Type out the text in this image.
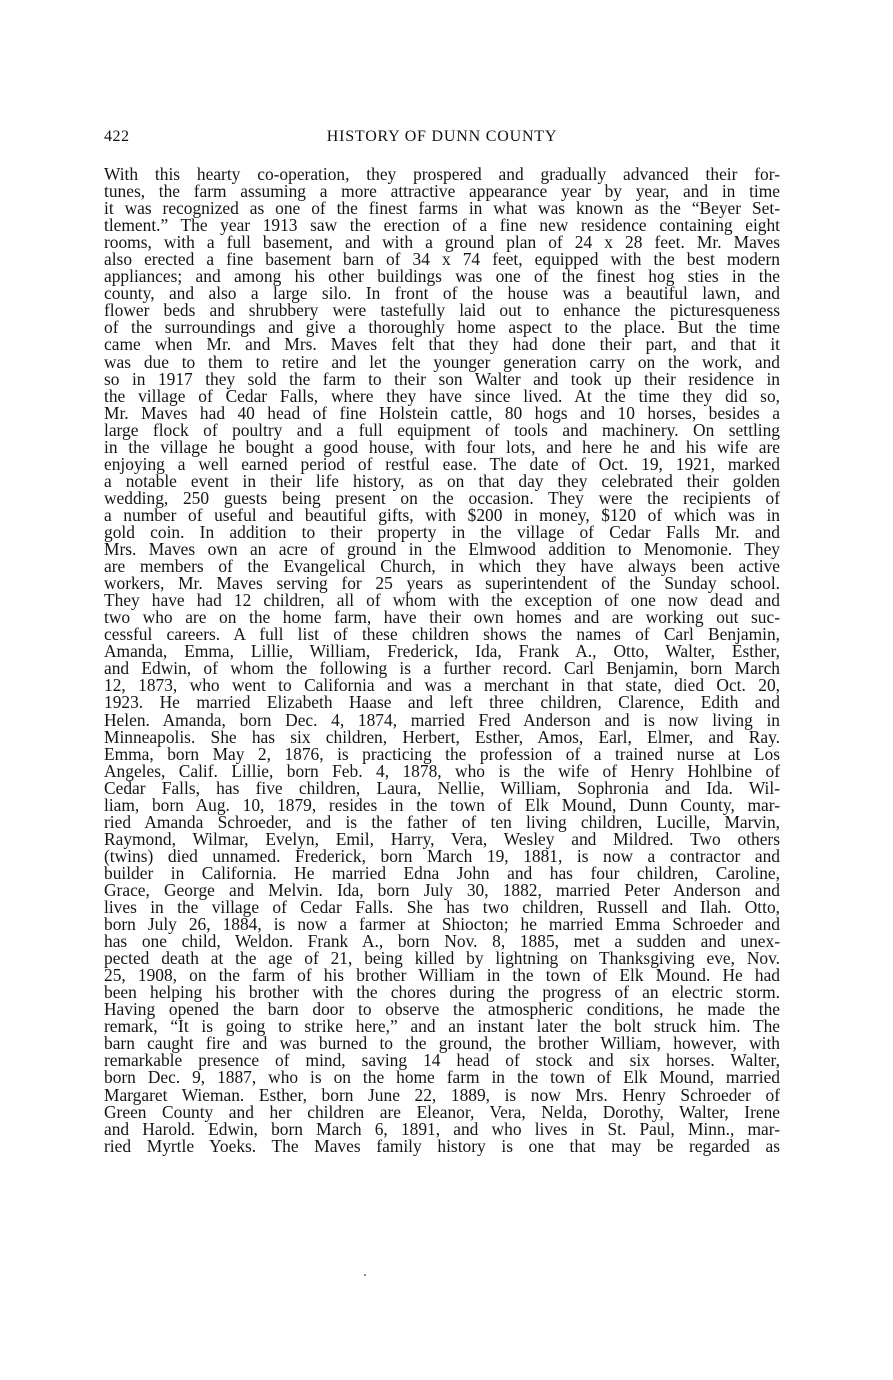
422	HISTORY OF DUNN COUNTY
With this hearty co-operation, they prospered and gradually advanced their for-
tunes, the farm assuming a more attractive appearance year by year, and in time
it was recognized as one of the finest farms in what was known as the “Beyer Set-
tlement.” The year 1913 saw the erection of a fine new residence containing eight
rooms, with a full basement, and with a ground plan of 24 x 28 feet. Mr. Maves
also erected a fine basement barn of 34 x 74 feet, equipped with the best modern
appliances; and among his other buildings was one of the finest hog sties in the
county, and also a large silo. In front of the house was a beautiful lawn, and
flower beds and shrubbery were tastefully laid out to enhance the picturesqueness
of the surroundings and give a thoroughly home aspect to the place. But the time
came when Mr. and Mrs. Maves felt that they had done their part, and that it
was due to them to retire and let the younger generation carry on the work, and
so in 1917 they sold the farm to their son Walter and took up their residence in
the village of Cedar Falls, where they have since lived. At the time they did so,
Mr. Maves had 40 head of fine Holstein cattle, 80 hogs and 10 horses, besides a
large flock of poultry and a full equipment of tools and machinery. On settling
in the village he bought a good house, with four lots, and here he and his wife are
enjoying a well earned period of restful ease. The date of Oct. 19, 1921, marked
a notable event in their life history, as on that day they celebrated their golden
wedding, 250 guests being present on the occasion. They were the recipients of
a number of useful and beautiful gifts, with $200 in money, $120 of which was in
gold coin. In addition to their property in the village of Cedar Falls Mr. and
Mrs. Maves own an acre of ground in the Elmwood addition to Menomonie. They
are members of the Evangelical Church, in which they have always been active
workers, Mr. Maves serving for 25 years as superintendent of the Sunday school.
They have had 12 children, all of whom with the exception of one now dead and
two who are on the home farm, have their own homes and are working out suc-
cessful careers. A full list of these children shows the names of Carl Benjamin,
Amanda, Emma, Lillie, William, Frederick, Ida, Frank A., Otto, Walter, Esther,
and Edwin, of whom the following is a further record. Carl Benjamin, born March
12, 1873, who went to California and was a merchant in that state, died Oct. 20,
1923. He married Elizabeth Haase and left three children, Clarence, Edith and
Helen. Amanda, born Dec. 4, 1874, married Fred Anderson and is now living in
Minneapolis. She has six children, Herbert, Esther, Amos, Earl, Elmer, and Ray.
Emma, born May 2, 1876, is practicing the profession of a trained nurse at Los
Angeles, Calif. Lillie, born Feb. 4, 1878, who is the wife of Henry Hohlbine of
Cedar Falls, has five children, Laura, Nellie, William, Sophronia and Ida. Wil-
liam, born Aug. 10, 1879, resides in the town of Elk Mound, Dunn County, mar-
ried Amanda Schroeder, and is the father of ten living children, Lucille, Marvin,
Raymond, Wilmar, Evelyn, Emil, Harry, Vera, Wesley and Mildred. Two others
(twins) died unnamed. Frederick, born March 19, 1881, is now a contractor and
builder in California. He married Edna John and has four children, Caroline,
Grace, George and Melvin. Ida, born July 30, 1882, married Peter Anderson and
lives in the village of Cedar Falls. She has two children, Russell and Ilah. Otto,
born July 26, 1884, is now a farmer at Shiocton; he married Emma Schroeder and
has one child, Weldon. Frank A., born Nov. 8, 1885, met a sudden and unex-
pected death at the age of 21, being killed by lightning on Thanksgiving eve, Nov.
25, 1908, on the farm of his brother William in the town of Elk Mound. He had
been helping his brother with the chores during the progress of an electric storm.
Having opened the barn door to observe the atmospheric conditions, he made the
remark, “It is going to strike here,” and an instant later the bolt struck him. The
barn caught fire and was burned to the ground, the brother William, however, with
remarkable presence of mind, saving 14 head of stock and six horses. Walter,
born Dec. 9, 1887, who is on the home farm in the town of Elk Mound, married
Margaret Wieman. Esther, born June 22, 1889, is now Mrs. Henry Schroeder of
Green County and her children are Eleanor, Vera, Nelda, Dorothy, Walter, Irene
and Harold. Edwin, born March 6, 1891, and who lives in St. Paul, Minn., mar-
ried Myrtle Yoeks. The Maves family history is one that may be regarded as
